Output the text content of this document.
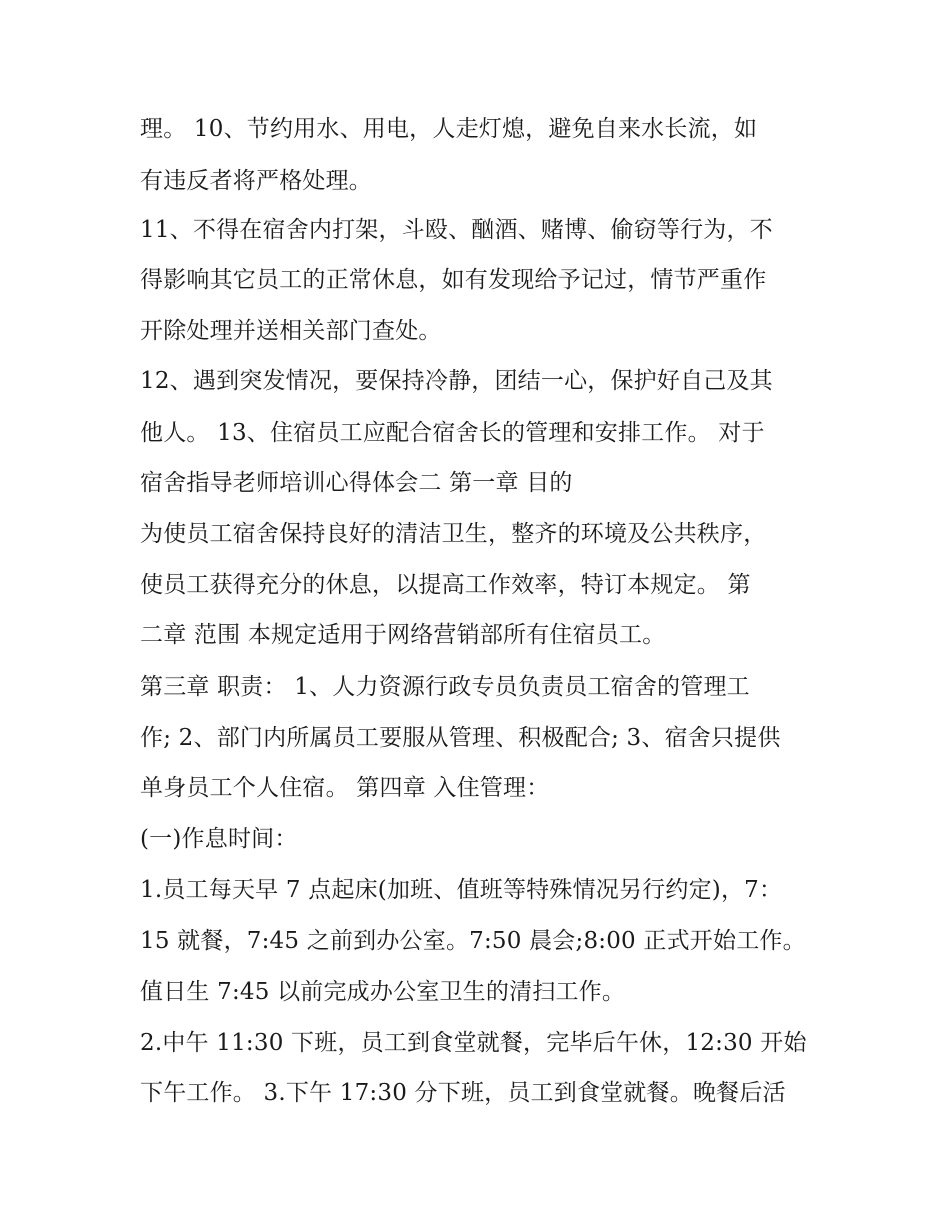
理。 10、节约用水、用电，人走灯熄，避免自来水长流，如
有违反者将严格处理。
11、不得在宿舍内打架，斗殴、酗酒、赌博、偷窃等行为，不
得影响其它员工的正常休息，如有发现给予记过，情节严重作
开除处理并送相关部门查处。
12、遇到突发情况，要保持冷静，团结一心，保护好自己及其
他人。 13、住宿员工应配合宿舍长的管理和安排工作。 对于
宿舍指导老师培训心得体会二 第一章 目的
为使员工宿舍保持良好的清洁卫生，整齐的环境及公共秩序，
使员工获得充分的休息，以提高工作效率，特订本规定。 第
二章 范围 本规定适用于网络营销部所有住宿员工。
第三章 职责： 1、人力资源行政专员负责员工宿舍的管理工
作; 2、部门内所属员工要服从管理、积极配合; 3、宿舍只提供
单身员工个人住宿。 第四章 入住管理：
(一)作息时间：
1.员工每天早 7 点起床(加班、值班等特殊情况另行约定)，7：
15 就餐，7:45 之前到办公室。7:50 晨会;8:00 正式开始工作。
值日生 7:45 以前完成办公室卫生的清扫工作。
2.中午 11:30 下班，员工到食堂就餐，完毕后午休，12:30 开始
下午工作。 3.下午 17:30 分下班，员工到食堂就餐。晚餐后活
